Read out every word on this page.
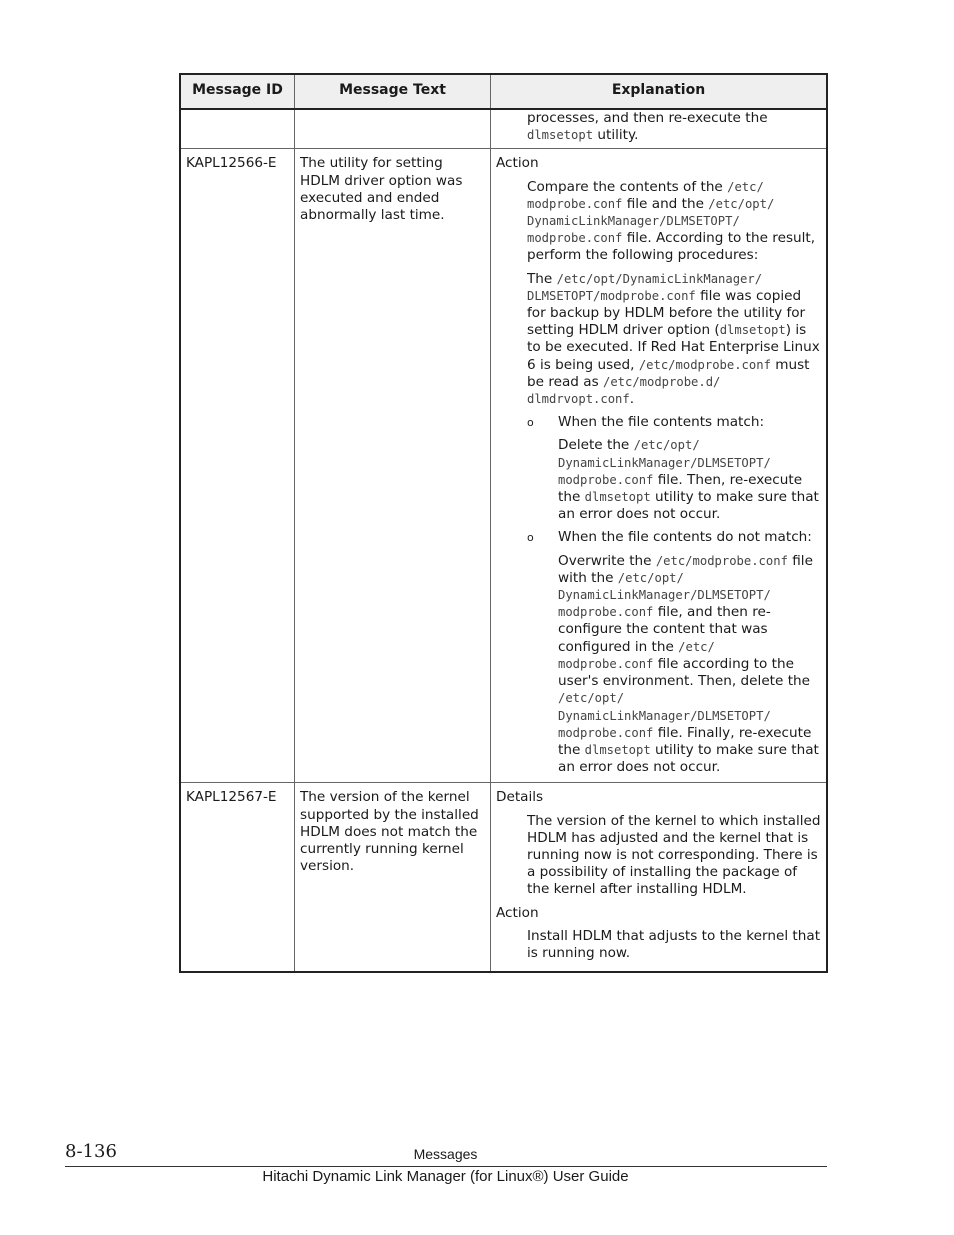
Message ID	Message Text	Explanation
processes, and then re-execute the
dlmsetopt utility.
KAPL12566-E	The utility for setting HDLM driver option was executed and ended abnormally last time.
Action
Compare the contents of the /etc/
modprobe.conf file and the /etc/opt/
DynamicLinkManager/DLMSETOPT/
modprobe.conf file. According to the result, perform the following procedures:
The /etc/opt/DynamicLinkManager/
DLMSETOPT/modprobe.conf file was copied for backup by HDLM before the utility for setting HDLM driver option (dlmsetopt) is to be executed. If Red Hat Enterprise Linux 6 is being used, /etc/modprobe.conf must be read as /etc/modprobe.d/
dlmdrvopt.conf.
o When the file contents match:
Delete the /etc/opt/
DynamicLinkManager/DLMSETOPT/
modprobe.conf file. Then, re-execute the dlmsetopt utility to make sure that an error does not occur.
o When the file contents do not match:
Overwrite the /etc/modprobe.conf file with the /etc/opt/
DynamicLinkManager/DLMSETOPT/
modprobe.conf file, and then re-configure the content that was configured in the /etc/
modprobe.conf file according to the user's environment. Then, delete the /etc/opt/
DynamicLinkManager/DLMSETOPT/
modprobe.conf file. Finally, re-execute the dlmsetopt utility to make sure that an error does not occur.
KAPL12567-E	The version of the kernel supported by the installed HDLM does not match the currently running kernel version.
Details
The version of the kernel to which installed HDLM has adjusted and the kernel that is running now is not corresponding. There is a possibility of installing the package of the kernel after installing HDLM.
Action
Install HDLM that adjusts to the kernel that is running now.
8-136	Messages
Hitachi Dynamic Link Manager (for Linux®) User Guide
